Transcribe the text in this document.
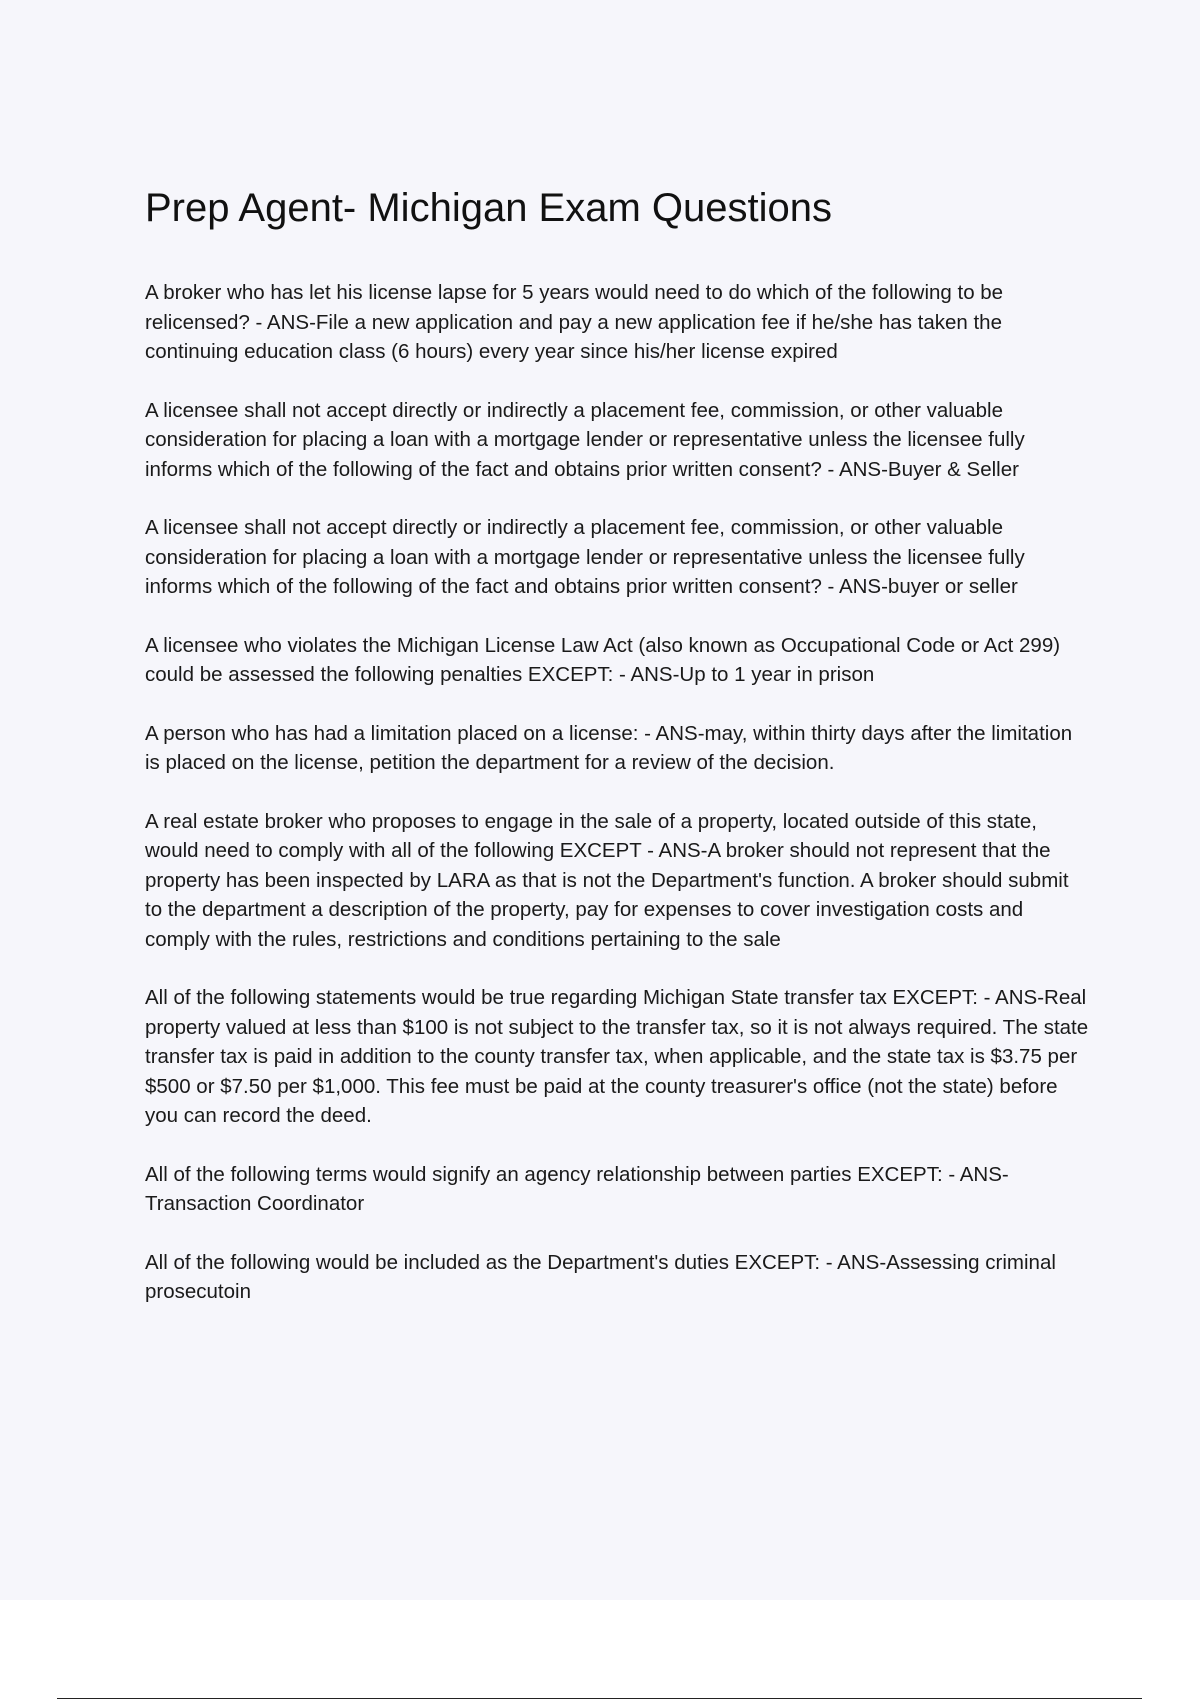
Prep Agent- Michigan Exam Questions

A broker who has let his license lapse for 5 years would need to do which of the following to be relicensed? - ANS-File a new application and pay a new application fee if he/she has taken the continuing education class (6 hours) every year since his/her license expired

A licensee shall not accept directly or indirectly a placement fee, commission, or other valuable consideration for placing a loan with a mortgage lender or representative unless the licensee fully informs which of the following of the fact and obtains prior written consent? - ANS-Buyer & Seller

A licensee shall not accept directly or indirectly a placement fee, commission, or other valuable consideration for placing a loan with a mortgage lender or representative unless the licensee fully informs which of the following of the fact and obtains prior written consent? - ANS-buyer or seller

A licensee who violates the Michigan License Law Act (also known as Occupational Code or Act 299) could be assessed the following penalties EXCEPT: - ANS-Up to 1 year in prison

A person who has had a limitation placed on a license: - ANS-may, within thirty days after the limitation is placed on the license, petition the department for a review of the decision.

A real estate broker who proposes to engage in the sale of a property, located outside of this state, would need to comply with all of the following EXCEPT - ANS-A broker should not represent that the property has been inspected by LARA as that is not the Department's function. A broker should submit to the department a description of the property, pay for expenses to cover investigation costs and comply with the rules, restrictions and conditions pertaining to the sale

All of the following statements would be true regarding Michigan State transfer tax EXCEPT: - ANS-Real property valued at less than $100 is not subject to the transfer tax, so it is not always required. The state transfer tax is paid in addition to the county transfer tax, when applicable, and the state tax is $3.75 per $500 or $7.50 per $1,000. This fee must be paid at the county treasurer's office (not the state) before you can record the deed.

All of the following terms would signify an agency relationship between parties EXCEPT: - ANS-Transaction Coordinator

All of the following would be included as the Department's duties EXCEPT: - ANS-Assessing criminal prosecutoin
